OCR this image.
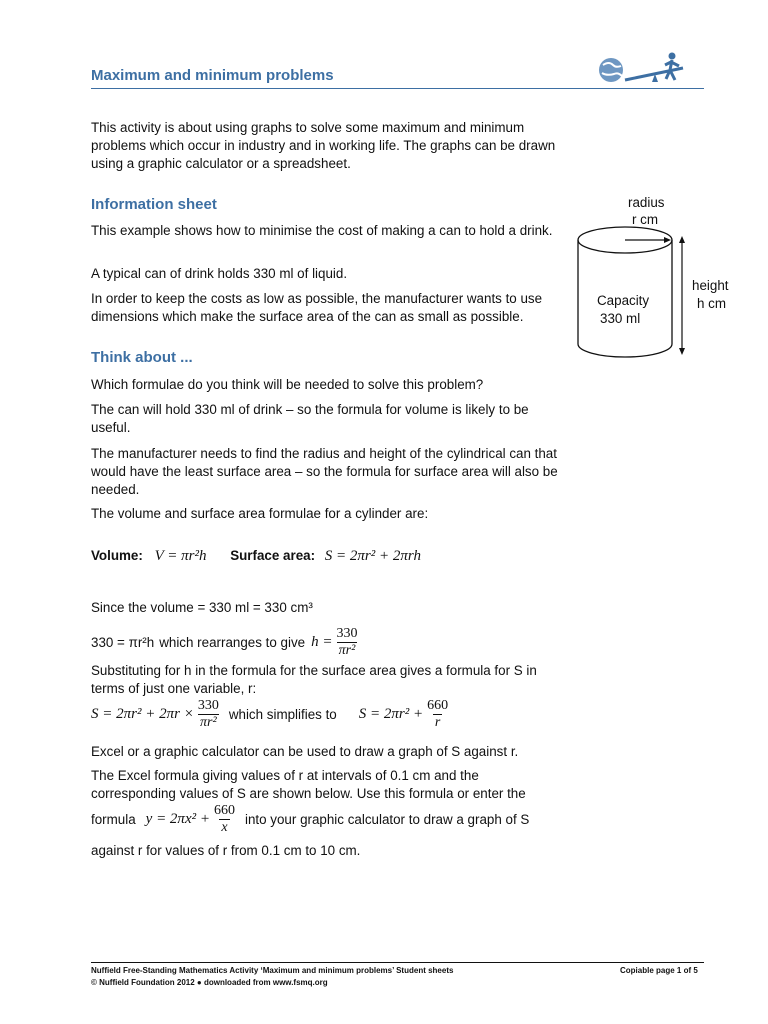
Maximum and minimum problems

This activity is about using graphs to solve some maximum and minimum problems which occur in industry and in working life. The graphs can be drawn using a graphic calculator or a spreadsheet.

Information sheet

This example shows how to minimise the cost of making a can to hold a drink.

A typical can of drink holds 330 ml of liquid.

In order to keep the costs as low as possible, the manufacturer wants to use dimensions which make the surface area of the can as small as possible.

radius
r cm
Capacity
330 ml
height
h cm
Think about ...

Which formulae do you think will be needed to solve this problem?

The can will hold 330 ml of drink – so the formula for volume is likely to be useful.

The manufacturer needs to find the radius and height of the cylindrical can that would have the least surface area – so the formula for surface area will also be needed.

The volume and surface area formulae for a cylinder are:

Volume: V = πr²h Surface area: S = 2πr² + 2πrh

Since the volume = 330 ml = 330 cm³

330 = πr²h which rearranges to give $h = \frac{330}{\text{πr²}}$

Substituting for h in the formula for the surface area gives a formula for S in terms of just one variable, r:

$S = 2\pi r^2 + 2\pi r \times \frac{330}{\text{πr²}}$ which simplifies to $S = 2\pi r^2 + \frac{660}{r}$

Excel or a graphic calculator can be used to draw a graph of S against r.

The Excel formula giving values of r at intervals of 0.1 cm and the corresponding values of S are shown below. Use this formula or enter the

formula $y = 2\pi x^2 + \frac{660}{x}$ into your graphic calculator to draw a graph of S

against r for values of r from 0.1 cm to 10 cm.

Nuffield Free-Standing Mathematics Activity ‘Maximum and minimum problems’ Student sheets
© Nuffield Foundation 2012 ● downloaded from www.fsmq.org
Copiable page 1 of 5
